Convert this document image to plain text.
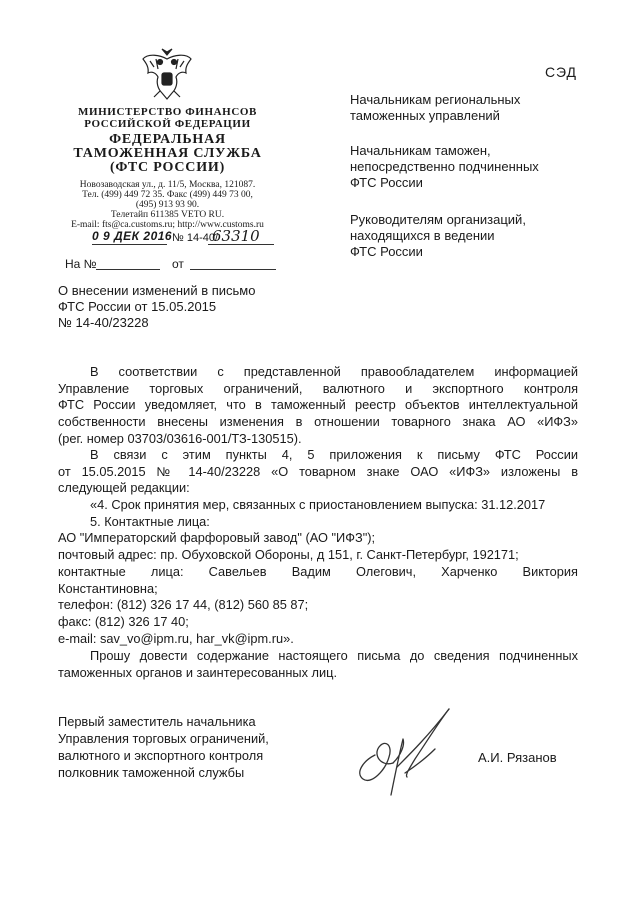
МИНИСТЕРСТВО ФИНАНСОВ
РОССИЙСКОЙ ФЕДЕРАЦИИ
ФЕДЕРАЛЬНАЯ
ТАМОЖЕННАЯ СЛУЖБА
(ФТС РОССИИ)
Новозаводская ул., д. 11/5, Москва, 121087.
Тел. (499) 449 72 35. Факс (499) 449 73 00,
(495) 913 93 90.
Телетайп 611385 VETO RU.
E-mail: fts@ca.customs.ru; http://www.customs.ru
0 9 ДЕК 2016 № 14-40/
63310
На №	от
СЭД
Начальникам региональных
таможенных управлений
Начальникам таможен,
непосредственно подчиненных
ФТС России
Руководителям организаций,
находящихся в ведении
ФТС России
О внесении изменений в письмо
ФТС России от 15.05.2015
№ 14-40/23228
В соответствии с представленной правообладателем информацией
Управление торговых ограничений, валютного и экспортного контроля
ФТС России уведомляет, что в таможенный реестр объектов интеллектуальной
собственности внесены изменения в отношении товарного знака АО «ИФЗ»
(рег. номер 03703/03616-001/ТЗ-130515).
В связи с этим пункты 4, 5 приложения к письму ФТС России
от 15.05.2015 № 14-40/23228 «О товарном знаке ОАО «ИФЗ» изложены в
следующей редакции:
«4. Срок принятия мер, связанных с приостановлением выпуска: 31.12.2017
5. Контактные лица:
АО "Императорский фарфоровый завод" (АО "ИФЗ");
почтовый адрес: пр. Обуховской Обороны, д 151, г. Санкт-Петербург, 192171;
контактные лица: Савельев Вадим Олегович, Харченко Виктория
Константиновна;
телефон: (812) 326 17 44, (812) 560 85 87;
факс: (812) 326 17 40;
e-mail: sav_vo@ipm.ru, har_vk@ipm.ru».
Прошу довести содержание настоящего письма до сведения подчиненных
таможенных органов и заинтересованных лиц.
Первый заместитель начальника
Управления торговых ограничений,
валютного и экспортного контроля
полковник таможенной службы
А.И. Рязанов
